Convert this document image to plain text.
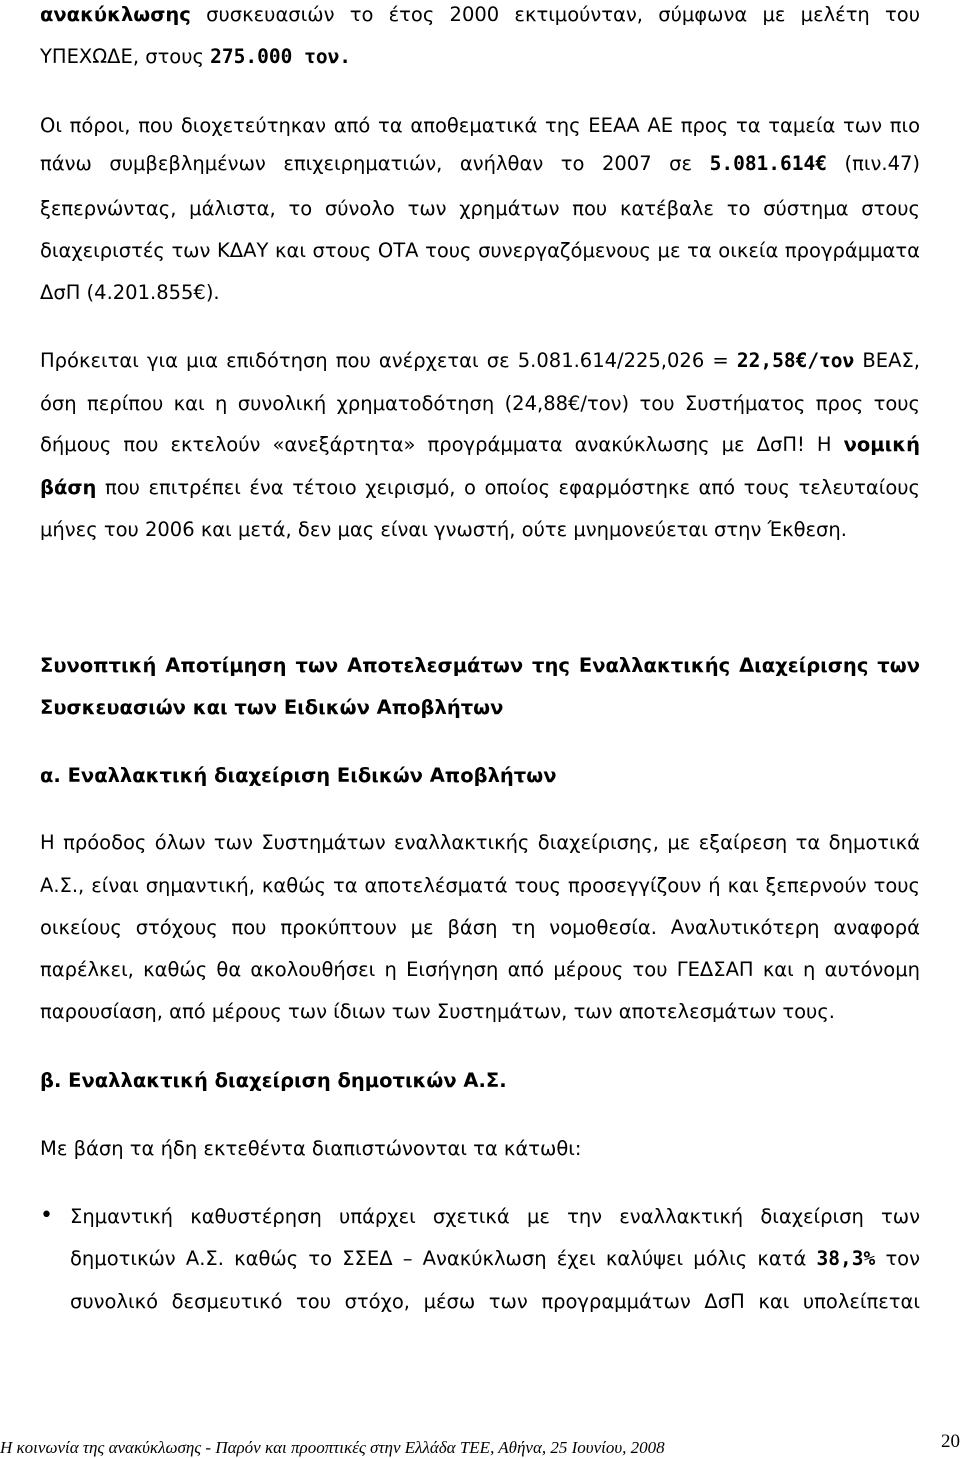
ανακύκλωσης συσκευασιών το έτος 2000 εκτιμούνταν, σύμφωνα με μελέτη του
ΥΠΕΧΩΔΕ, στους 275.000 τον.
Οι πόροι, που διοχετεύτηκαν από τα αποθεματικά της ΕΕΑΑ ΑΕ προς τα ταμεία των πιο
πάνω συμβεβλημένων επιχειρηματιών, ανήλθαν το 2007 σε 5.081.614€ (πιν.47)
ξεπερνώντας, μάλιστα, το σύνολο των χρημάτων που κατέβαλε το σύστημα στους
διαχειριστές των ΚΔΑΥ και στους ΟΤΑ τους συνεργαζόμενους με τα οικεία προγράμματα
ΔσΠ (4.201.855€).
Πρόκειται για μια επιδότηση που ανέρχεται σε 5.081.614/225,026 = 22,58€/τον ΒΕΑΣ,
όση περίπου και η συνολική χρηματοδότηση (24,88€/τον) του Συστήματος προς τους
δήμους που εκτελούν «ανεξάρτητα» προγράμματα ανακύκλωσης με ΔσΠ! Η νομική
βάση που επιτρέπει ένα τέτοιο χειρισμό, ο οποίος εφαρμόστηκε από τους τελευταίους
μήνες του 2006 και μετά, δεν μας είναι γνωστή, ούτε μνημονεύεται στην Έκθεση.
Συνοπτική Αποτίμηση των Αποτελεσμάτων της Εναλλακτικής Διαχείρισης των
Συσκευασιών και των Ειδικών Αποβλήτων
α. Εναλλακτική διαχείριση Ειδικών Αποβλήτων
Η πρόοδος όλων των Συστημάτων εναλλακτικής διαχείρισης, με εξαίρεση τα δημοτικά
Α.Σ., είναι σημαντική, καθώς τα αποτελέσματά τους προσεγγίζουν ή και ξεπερνούν τους
οικείους στόχους που προκύπτουν με βάση τη νομοθεσία. Αναλυτικότερη αναφορά
παρέλκει, καθώς θα ακολουθήσει η Εισήγηση από μέρους του ΓΕΔΣΑΠ και η αυτόνομη
παρουσίαση, από μέρους των ίδιων των Συστημάτων, των αποτελεσμάτων τους.
β. Εναλλακτική διαχείριση δημοτικών Α.Σ.
Με βάση τα ήδη εκτεθέντα διαπιστώνονται τα κάτωθι:
• Σημαντική καθυστέρηση υπάρχει σχετικά με την εναλλακτική διαχείριση των
δημοτικών Α.Σ. καθώς το ΣΣΕΔ – Ανακύκλωση έχει καλύψει μόλις κατά 38,3% τον
συνολικό δεσμευτικό του στόχο, μέσω των προγραμμάτων ΔσΠ και υπολείπεται
Η κοινωνία της ανακύκλωσης - Παρόν και προοπτικές στην Ελλάδα ΤΕΕ, Αθήνα, 25 Ιουνίου, 2008	20
